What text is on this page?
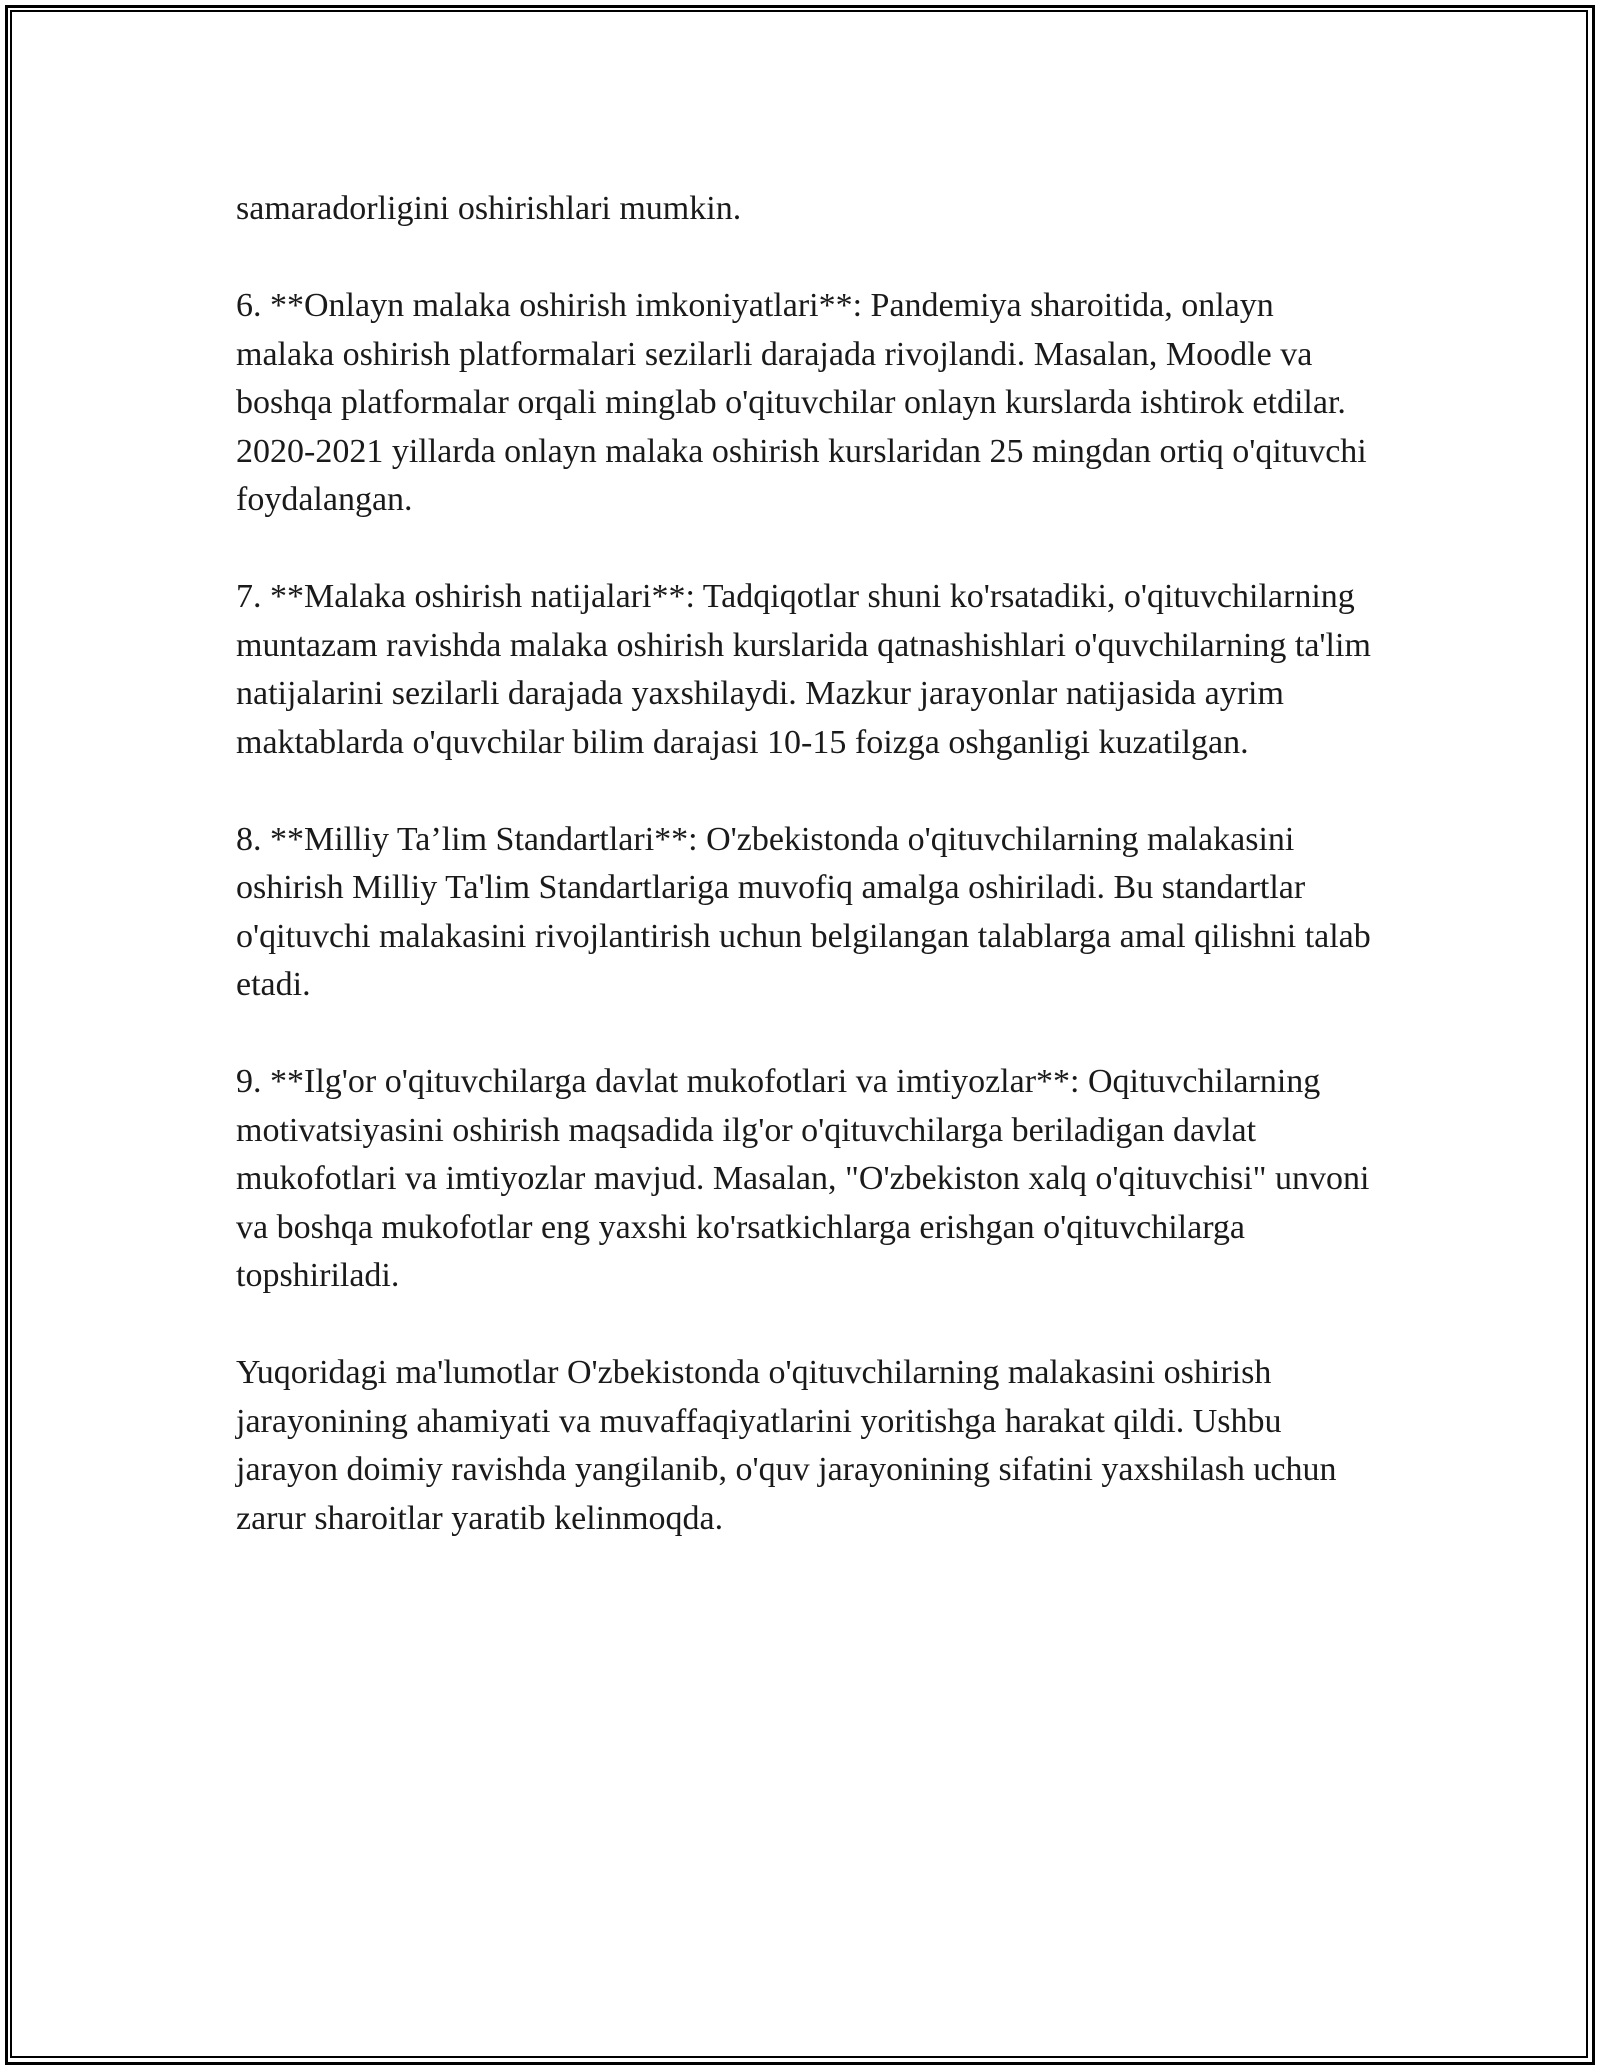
samaradorligini oshirishlari mumkin.

6. **Onlayn malaka oshirish imkoniyatlari**: Pandemiya sharoitida, onlayn malaka oshirish platformalari sezilarli darajada rivojlandi. Masalan, Moodle va boshqa platformalar orqali minglab o'qituvchilar onlayn kurslarda ishtirok etdilar. 2020-2021 yillarda onlayn malaka oshirish kurslaridan 25 mingdan ortiq o'qituvchi foydalangan.

7. **Malaka oshirish natijalari**: Tadqiqotlar shuni ko'rsatadiki, o'qituvchilarning muntazam ravishda malaka oshirish kurslarida qatnashishlari o'quvchilarning ta'lim natijalarini sezilarli darajada yaxshilaydi. Mazkur jarayonlar natijasida ayrim maktablarda o'quvchilar bilim darajasi 10-15 foizga oshganligi kuzatilgan.

8. **Milliy Ta’lim Standartlari**: O'zbekistonda o'qituvchilarning malakasini oshirish Milliy Ta'lim Standartlariga muvofiq amalga oshiriladi. Bu standartlar o'qituvchi malakasini rivojlantirish uchun belgilangan talablarga amal qilishni talab etadi.

9. **Ilg'or o'qituvchilarga davlat mukofotlari va imtiyozlar**: Oqituvchilarning motivatsiyasini oshirish maqsadida ilg'or o'qituvchilarga beriladigan davlat mukofotlari va imtiyozlar mavjud. Masalan, "O'zbekiston xalq o'qituvchisi" unvoni va boshqa mukofotlar eng yaxshi ko'rsatkichlarga erishgan o'qituvchilarga topshiriladi.

Yuqoridagi ma'lumotlar O'zbekistonda o'qituvchilarning malakasini oshirish jarayonining ahamiyati va muvaffaqiyatlarini yoritishga harakat qildi. Ushbu jarayon doimiy ravishda yangilanib, o'quv jarayonining sifatini yaxshilash uchun zarur sharoitlar yaratib kelinmoqda.
